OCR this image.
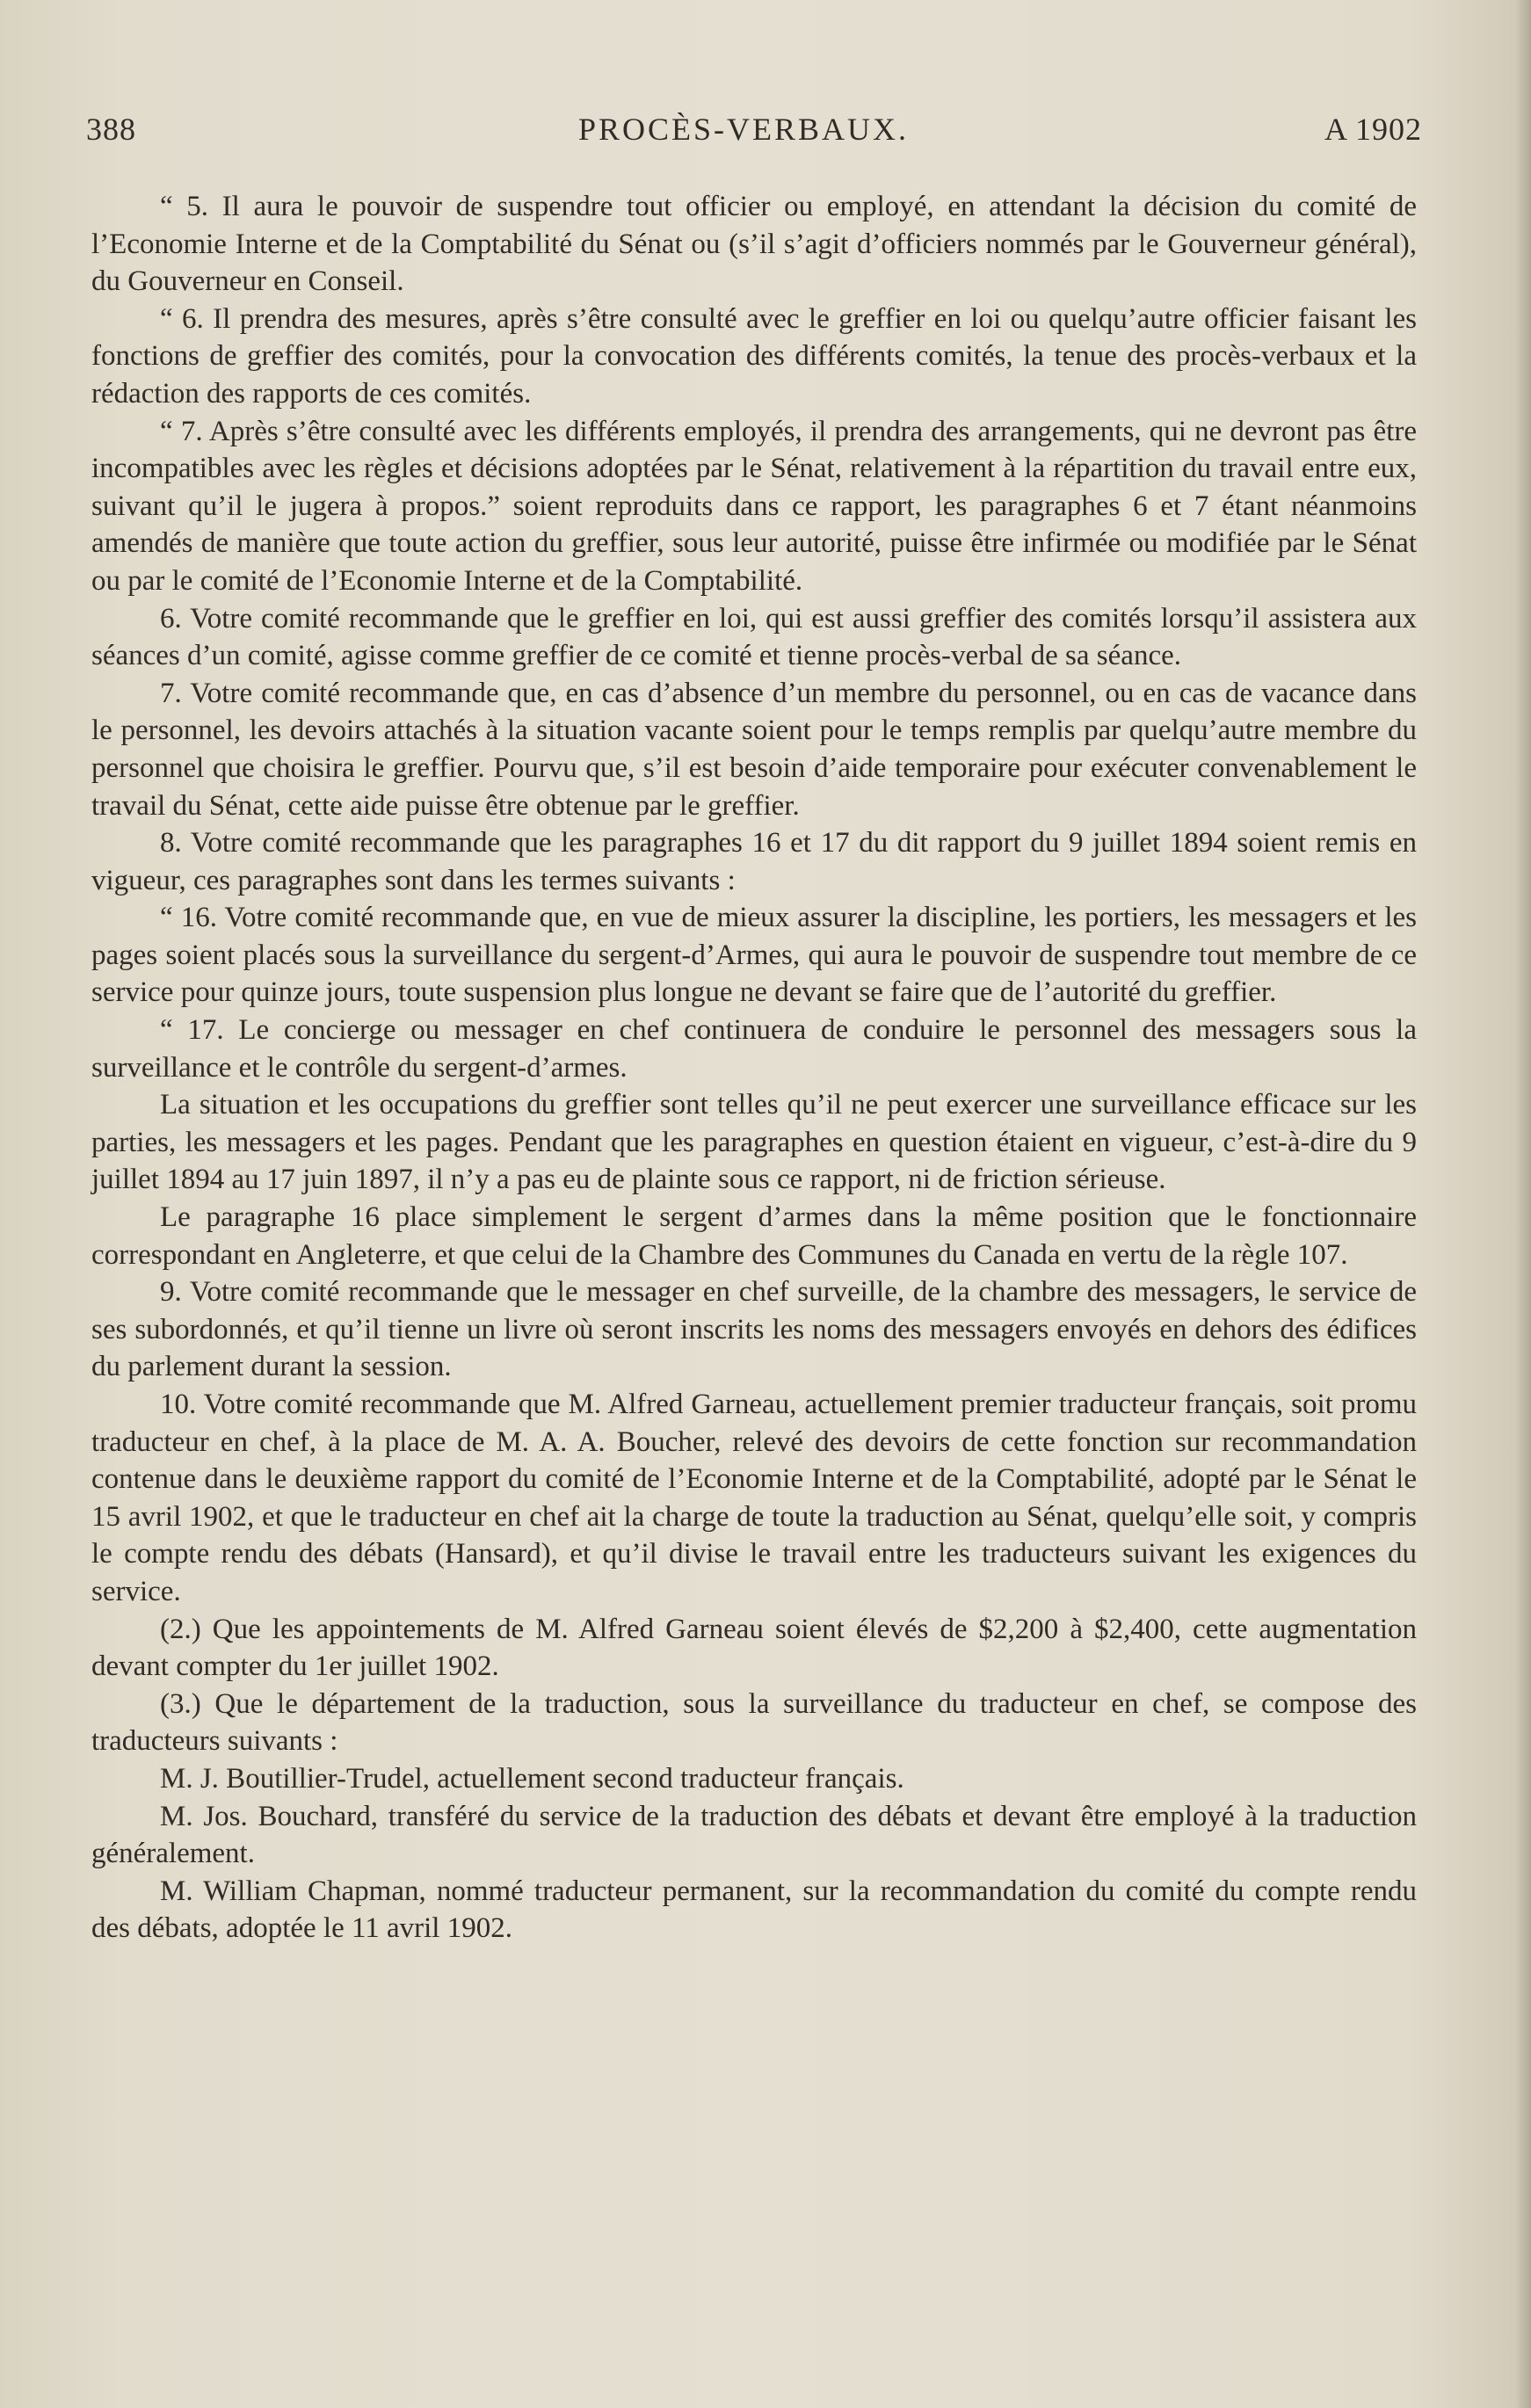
388	PROCÈS-VERBAUX.	A 1902

“ 5. Il aura le pouvoir de suspendre tout officier ou employé, en attendant la décision du comité de l’Economie Interne et de la Comptabilité du Sénat ou (s’il s’agit d’officiers nommés par le Gouverneur général), du Gouverneur en Conseil.

“ 6. Il prendra des mesures, après s’être consulté avec le greffier en loi ou quelqu’autre officier faisant les fonctions de greffier des comités, pour la convocation des différents comités, la tenue des procès-verbaux et la rédaction des rapports de ces comités.

“ 7. Après s’être consulté avec les différents employés, il prendra des arrangements, qui ne devront pas être incompatibles avec les règles et décisions adoptées par le Sénat, relativement à la répartition du travail entre eux, suivant qu’il le jugera à propos.” soient reproduits dans ce rapport, les paragraphes 6 et 7 étant néanmoins amendés de manière que toute action du greffier, sous leur autorité, puisse être infirmée ou modifiée par le Sénat ou par le comité de l’Economie Interne et de la Comptabilité.

6. Votre comité recommande que le greffier en loi, qui est aussi greffier des comités lorsqu’il assistera aux séances d’un comité, agisse comme greffier de ce comité et tienne procès-verbal de sa séance.

7. Votre comité recommande que, en cas d’absence d’un membre du personnel, ou en cas de vacance dans le personnel, les devoirs attachés à la situation vacante soient pour le temps remplis par quelqu’autre membre du personnel que choisira le greffier. Pourvu que, s’il est besoin d’aide temporaire pour exécuter convenablement le travail du Sénat, cette aide puisse être obtenue par le greffier.

8. Votre comité recommande que les paragraphes 16 et 17 du dit rapport du 9 juillet 1894 soient remis en vigueur, ces paragraphes sont dans les termes suivants :

“ 16. Votre comité recommande que, en vue de mieux assurer la discipline, les portiers, les messagers et les pages soient placés sous la surveillance du sergent-d’Armes, qui aura le pouvoir de suspendre tout membre de ce service pour quinze jours, toute suspension plus longue ne devant se faire que de l’autorité du greffier.

“ 17. Le concierge ou messager en chef continuera de conduire le personnel des messagers sous la surveillance et le contrôle du sergent-d’armes.

La situation et les occupations du greffier sont telles qu’il ne peut exercer une surveillance efficace sur les parties, les messagers et les pages. Pendant que les paragraphes en question étaient en vigueur, c’est-à-dire du 9 juillet 1894 au 17 juin 1897, il n’y a pas eu de plainte sous ce rapport, ni de friction sérieuse.

Le paragraphe 16 place simplement le sergent d’armes dans la même position que le fonctionnaire correspondant en Angleterre, et que celui de la Chambre des Communes du Canada en vertu de la règle 107.

9. Votre comité recommande que le messager en chef surveille, de la chambre des messagers, le service de ses subordonnés, et qu’il tienne un livre où seront inscrits les noms des messagers envoyés en dehors des édifices du parlement durant la session.

10. Votre comité recommande que M. Alfred Garneau, actuellement premier traducteur français, soit promu traducteur en chef, à la place de M. A. A. Boucher, relevé des devoirs de cette fonction sur recommandation contenue dans le deuxième rapport du comité de l’Economie Interne et de la Comptabilité, adopté par le Sénat le 15 avril 1902, et que le traducteur en chef ait la charge de toute la traduction au Sénat, quelqu’elle soit, y compris le compte rendu des débats (Hansard), et qu’il divise le travail entre les traducteurs suivant les exigences du service.

(2.) Que les appointements de M. Alfred Garneau soient élevés de $2,200 à $2,400, cette augmentation devant compter du 1er juillet 1902.

(3.) Que le département de la traduction, sous la surveillance du traducteur en chef, se compose des traducteurs suivants :

M. J. Boutillier-Trudel, actuellement second traducteur français.

M. Jos. Bouchard, transféré du service de la traduction des débats et devant être employé à la traduction généralement.

M. William Chapman, nommé traducteur permanent, sur la recommandation du comité du compte rendu des débats, adoptée le 11 avril 1902.
